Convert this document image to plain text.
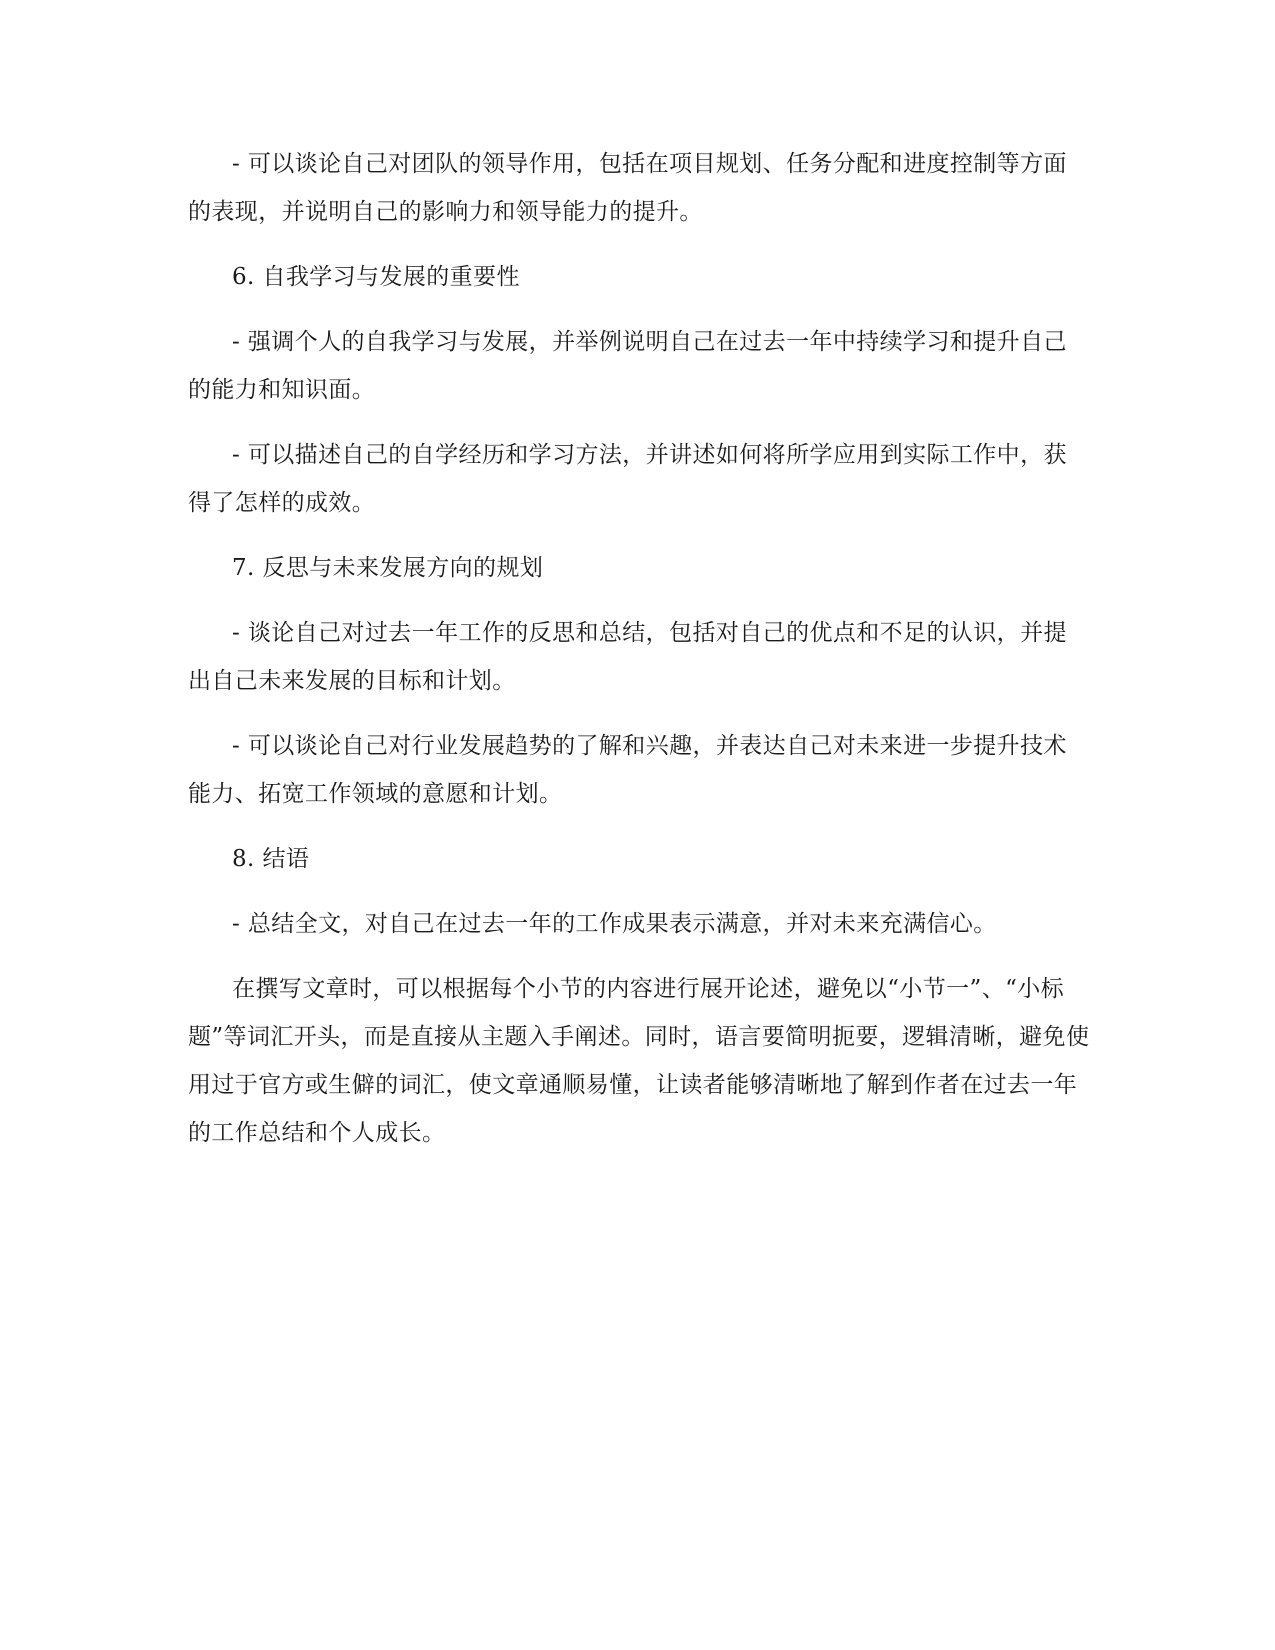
- 可以谈论自己对团队的领导作用，包括在项目规划、任务分配和进度控制等方面的表现，并说明自己的影响力和领导能力的提升。

6. 自我学习与发展的重要性

- 强调个人的自我学习与发展，并举例说明自己在过去一年中持续学习和提升自己的能力和知识面。

- 可以描述自己的自学经历和学习方法，并讲述如何将所学应用到实际工作中，获得了怎样的成效。

7. 反思与未来发展方向的规划

- 谈论自己对过去一年工作的反思和总结，包括对自己的优点和不足的认识，并提出自己未来发展的目标和计划。

- 可以谈论自己对行业发展趋势的了解和兴趣，并表达自己对未来进一步提升技术能力、拓宽工作领域的意愿和计划。

8. 结语

- 总结全文，对自己在过去一年的工作成果表示满意，并对未来充满信心。

在撰写文章时，可以根据每个小节的内容进行展开论述，避免以“小节一”、“小标题”等词汇开头，而是直接从主题入手阐述。同时，语言要简明扼要，逻辑清晰，避免使用过于官方或生僻的词汇，使文章通顺易懂，让读者能够清晰地了解到作者在过去一年的工作总结和个人成长。
